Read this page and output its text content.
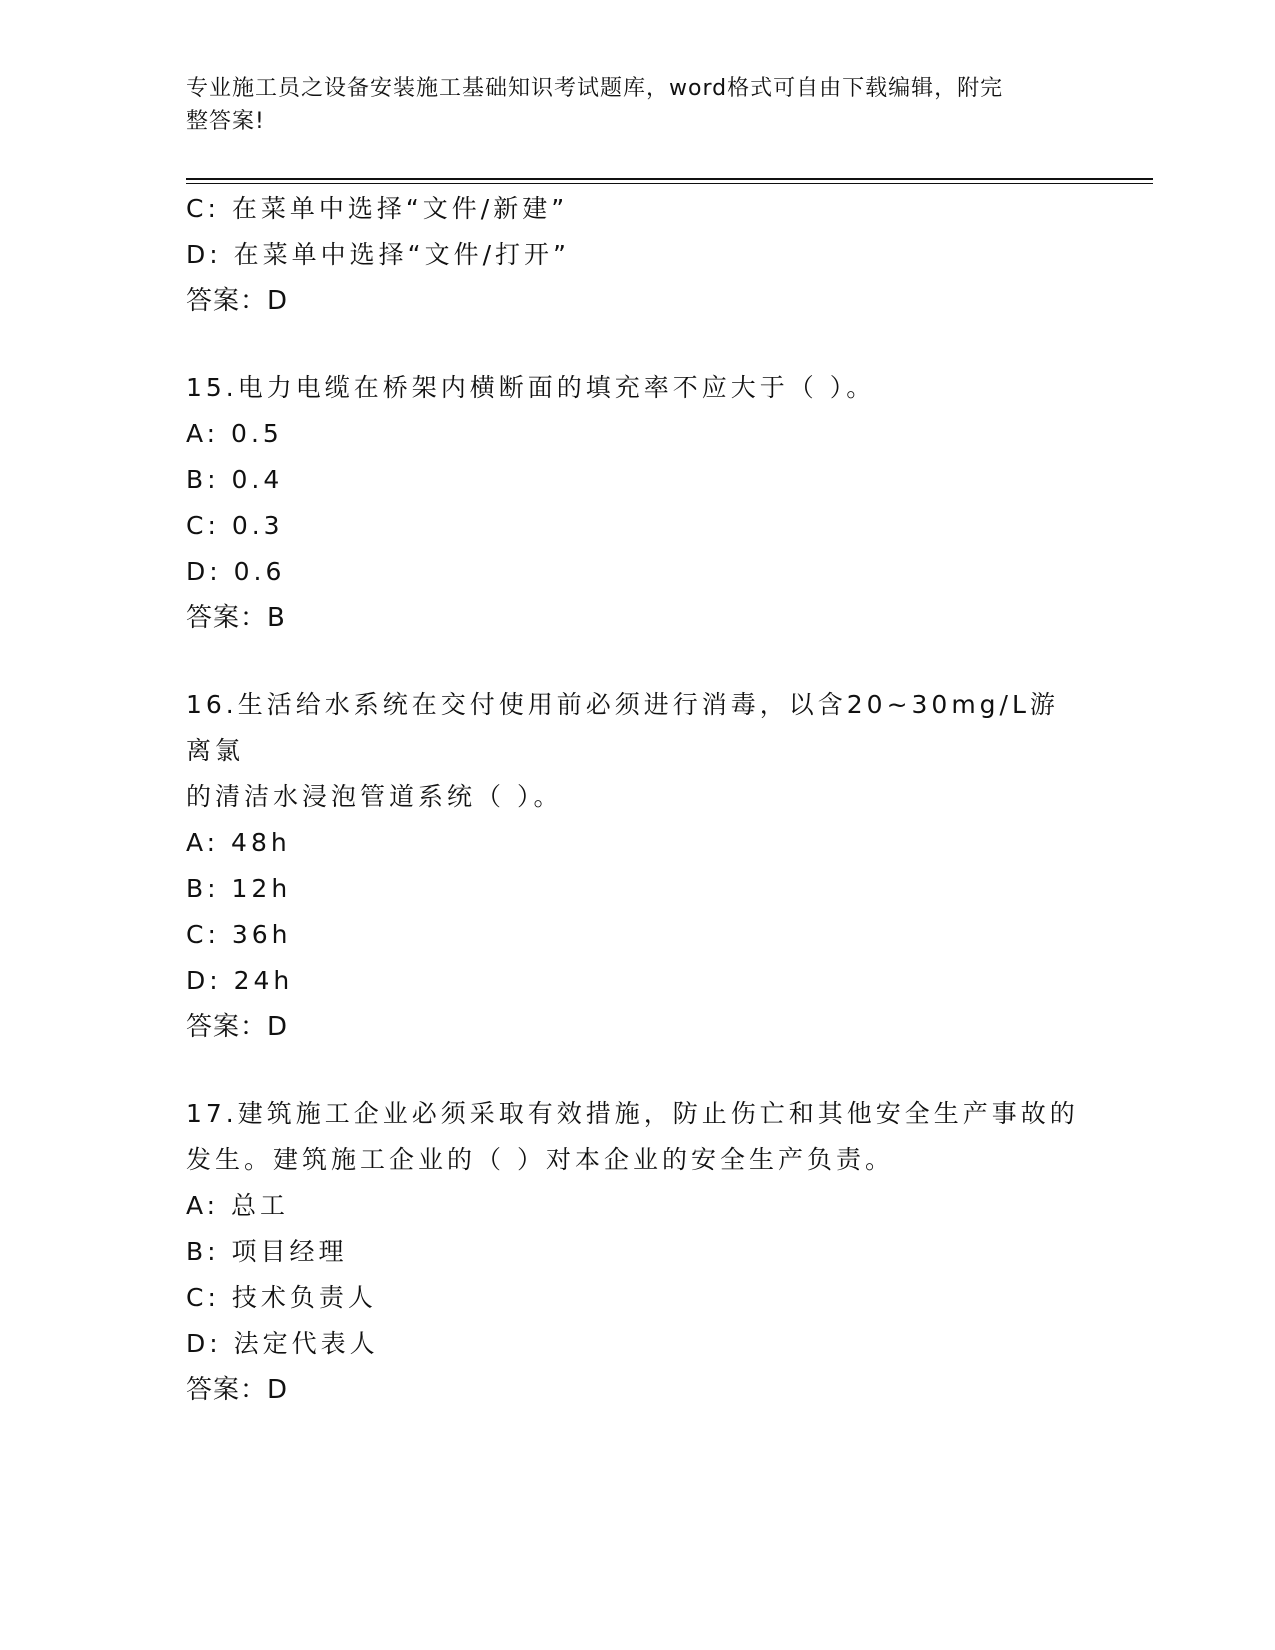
专业施工员之设备安装施工基础知识考试题库，word格式可自由下载编辑，附完
整答案!
C: 在菜单中选择“文件/新建”
D: 在菜单中选择“文件/打开”
答案：D
15.电力电缆在桥架内横断面的填充率不应大于（ ）。
A: 0.5
B: 0.4
C: 0.3
D: 0.6
答案：B
16.生活给水系统在交付使用前必须进行消毒，以含20~30mg/L游离氯
的清洁水浸泡管道系统（ ）。
A: 48h
B: 12h
C: 36h
D: 24h
答案：D
17.建筑施工企业必须采取有效措施，防止伤亡和其他安全生产事故的
发生。建筑施工企业的（ ）对本企业的安全生产负责。
A: 总工
B: 项目经理
C: 技术负责人
D: 法定代表人
答案：D
